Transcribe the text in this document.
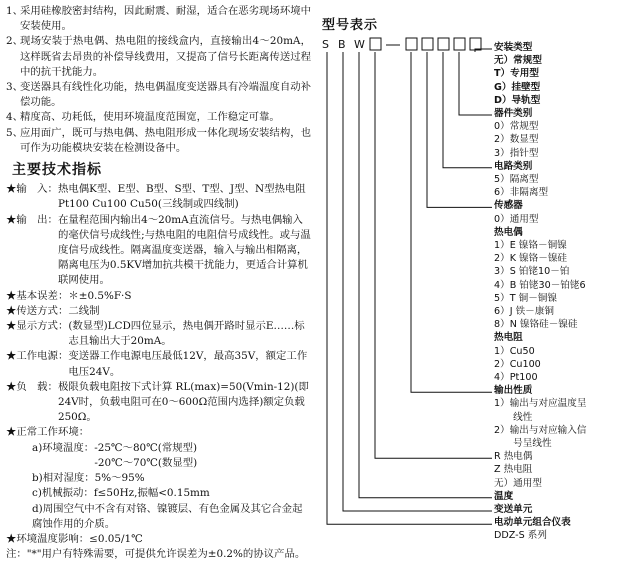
1、
采用硅橡胶密封结构，因此耐震、耐湿，适合在恶劣现场环境中安装使用。
2、
现场安装于热电偶、热电阻的接线盒内，直接输出4～20mA，这样既省去昂贵的补偿导线费用，又提高了信号长距离传送过程中的抗干扰能力。
3、
变送器具有线性化功能，热电偶温度变送器具有冷端温度自动补偿功能。
4、
精度高、功耗低，使用环境温度范围宽，工作稳定可靠。
5、
应用面广，既可与热电偶、热电阻形成一体化现场安装结构，也可作为功能模块安装在检测设备中。
主要技术指标
★输　入： 热电偶K型、E型、B型、S型、T型、J型、N型热电阻Pt100 Cu100 Cu50(三线制或四线制)
★输　出： 在量程范围内输出4～20mA直流信号。与热电偶输入的毫伏信号成线性;与热电阻的电阻信号成线性。或与温度信号成线性。隔离温度变送器，输入与输出相隔离，隔离电压为0.5KV增加抗共模干扰能力，更适合计算机联网使用。
★基本误差： ＊±0.5%F·S
★传送方式： 二线制
★显示方式： (数显型)LCD四位显示，热电偶开路时显示E……标志且输出大于20mA。
★工作电源： 变送器工作电源电压最低12V，最高35V，额定工作电压24V。
★负　载： 极限负载电阻按下式计算 RL(max)=50(Vmin-12)(即24V时，负载电阻可在0～600Ω范围内选择)额定负载250Ω。
★正常工作环境：
a)环境温度：-25℃～80℃(常规型)
　　　　　　-20℃～70℃(数显型)
b)相对湿度：5%～95%
c)机械振动：f≤50Hz,振幅<0.15mm
d)周围空气中不含有对铬、镍镀层、有色金属及其它合金起腐蚀作用的介质。
★环境温度影响：≤0.05/1℃
注："*"用户有特殊需要，可提供允许误差为±0.2%的协议产品。
型号表示
S B W	安装类型
无）常规型
T）专用型
G）挂壁型
D）导轨型
器件类别
0）常规型
2）数显型
3）指针型
电路类别
5）隔离型
6）非隔离型
传感器
0）通用型
热电偶
1）E 镍铬－铜镍
2）K 镍铬－镍硅
3）S 铂铑10－铂
4）B 铂铑30－铂铑6
5）T 铜－铜镍
6）J 铁－康铜
8）N 镍铬硅－镍硅
热电阻
1）Cu50
2）Cu100
4）Pt100
输出性质
1）输出与对应温度呈
　　线性
2）输出与对应输入信
　　号呈线性
R 热电偶
Z 热电阻
无）通用型
温度
变送单元
电动单元组合仪表
DDZ-S 系列
